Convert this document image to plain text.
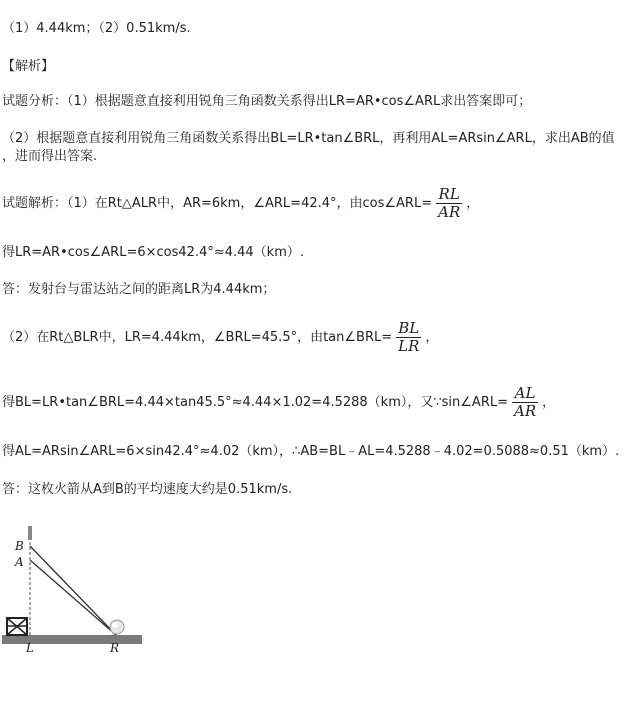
（1）4.44km；（2）0.51km/s.
【解析】
试题分析：（1）根据题意直接利用锐角三角函数关系得出LR=AR•cos∠ARL求出答案即可；
（2）根据题意直接利用锐角三角函数关系得出BL=LR•tan∠BRL，再利用AL=ARsin∠ARL，求出AB的值
，进而得出答案.
试题解析：（1）在Rt△ALR中，AR=6km，∠ARL=42.4°，由cos∠ARL= $\frac{RL}{AR}$ ，
得LR=AR•cos∠ARL=6×cos42.4°≈4.44（km）.
答：发射台与雷达站之间的距离LR为4.44km；
（2）在Rt△BLR中，LR=4.44km，∠BRL=45.5°，由tan∠BRL= $\frac{BL}{LR}$ ，
得BL=LR•tan∠BRL=4.44×tan45.5°≈4.44×1.02=4.5288（km），又∵sin∠ARL= $\frac{AL}{AR}$ ，
得AL=ARsin∠ARL=6×sin42.4°≈4.02（km），∴AB=BL﹣AL=4.5288﹣4.02=0.5088≈0.51（km）.
答：这枚火箭从A到B的平均速度大约是0.51km/s.
B
A
L	R
